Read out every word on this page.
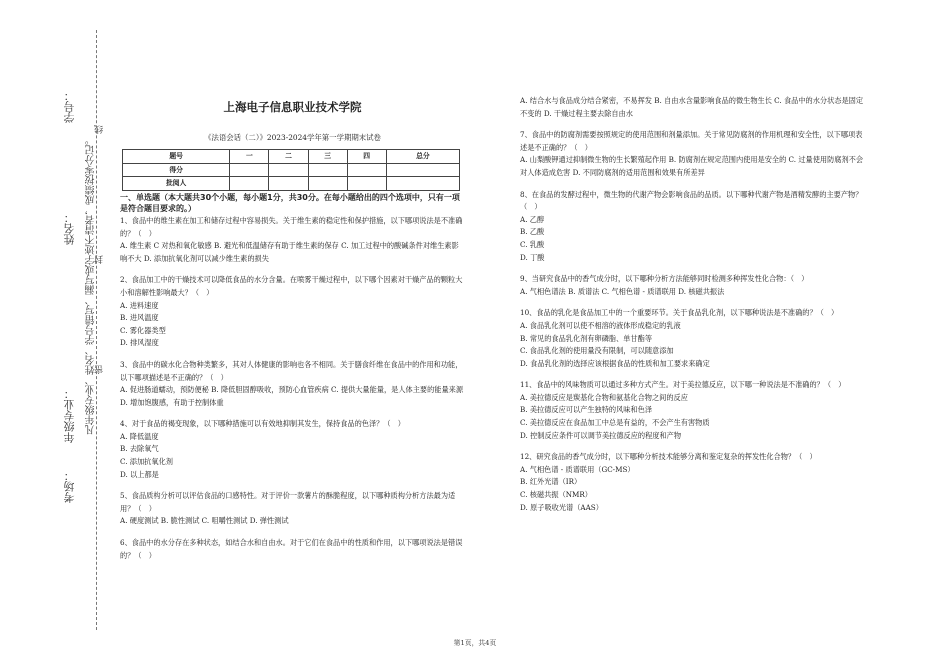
学号：
姓名：
年级专业：
考场：
凡年级专业、姓名、学号错写、漏写或字迹不清者，成绩按零分记。
线
封
密
上海电子信息职业技术学院
《法语会话（二）》2023-2024学年第一学期期末试卷
题号	一	二	三	四	总分
得分					
批阅人					
一、单选题（本大题共30个小题，每小题1分，共30分。在每小题给出的四个选项中，只有一项是符合题目要求的。）
1、食品中的维生素在加工和储存过程中容易损失。关于维生素的稳定性和保护措施，以下哪项说法是不准确的？（　）
A. 维生素 C 对热和氧化敏感 B. 避光和低温储存有助于维生素的保存 C. 加工过程中的酸碱条件对维生素影响不大 D. 添加抗氧化剂可以减少维生素的损失
2、食品加工中的干燥技术可以降低食品的水分含量。在喷雾干燥过程中，以下哪个因素对干燥产品的颗粒大小和溶解性影响最大？（　）
A. 进料速度
B. 进风温度
C. 雾化器类型
D. 排风湿度
3、食品中的碳水化合物种类繁多，其对人体健康的影响也各不相同。关于膳食纤维在食品中的作用和功能，以下哪项描述是不正确的？（　）
A. 促进肠道蠕动，预防便秘 B. 降低胆固醇吸收，预防心血管疾病 C. 提供大量能量，是人体主要的能量来源 D. 增加饱腹感，有助于控制体重
4、对于食品的褐变现象，以下哪种措施可以有效地抑制其发生，保持食品的色泽？（　）
A. 降低温度
B. 去除氧气
C. 添加抗氧化剂
D. 以上都是
5、食品质构分析可以评估食品的口感特性。对于评价一款薯片的酥脆程度，以下哪种质构分析方法最为适用？（　）
A. 硬度测试 B. 脆性测试 C. 咀嚼性测试 D. 弹性测试
6、食品中的水分存在多种状态，如结合水和自由水。对于它们在食品中的性质和作用，以下哪项说法是错误的？（　）
A. 结合水与食品成分结合紧密，不易挥发 B. 自由水含量影响食品的微生物生长 C. 食品中的水分状态是固定不变的 D. 干燥过程主要去除自由水
7、食品中的防腐剂需要按照规定的使用范围和剂量添加。关于常见防腐剂的作用机理和安全性，以下哪项表述是不正确的？（　）
A. 山梨酸钾通过抑制微生物的生长繁殖起作用 B. 防腐剂在规定范围内使用是安全的 C. 过量使用防腐剂不会对人体造成危害 D. 不同防腐剂的适用范围和效果有所差异
8、在食品的发酵过程中，微生物的代谢产物会影响食品的品质。以下哪种代谢产物是酒精发酵的主要产物？（　）
A. 乙醇
B. 乙酸
C. 乳酸
D. 丁酸
9、当研究食品中的香气成分时，以下哪种分析方法能够同时检测多种挥发性化合物：（　）
A. 气相色谱法 B. 质谱法 C. 气相色谱 - 质谱联用 D. 核磁共振法
10、食品的乳化是食品加工中的一个重要环节。关于食品乳化剂，以下哪种说法是不准确的？（　）
A. 食品乳化剂可以使不相溶的液体形成稳定的乳液
B. 常见的食品乳化剂有卵磷脂、单甘酯等
C. 食品乳化剂的使用量没有限制，可以随意添加
D. 食品乳化剂的选择应该根据食品的性质和加工要求来确定
11、食品中的风味物质可以通过多种方式产生。对于美拉德反应，以下哪一种说法是不准确的？（　）
A. 美拉德反应是羰基化合物和氨基化合物之间的反应
B. 美拉德反应可以产生独特的风味和色泽
C. 美拉德反应在食品加工中总是有益的，不会产生有害物质
D. 控制反应条件可以调节美拉德反应的程度和产物
12、研究食品的香气成分时，以下哪种分析技术能够分离和鉴定复杂的挥发性化合物？（　）
A. 气相色谱 - 质谱联用（GC-MS）
B. 红外光谱（IR）
C. 核磁共振（NMR）
D. 原子吸收光谱（AAS）
第1页，共4页
